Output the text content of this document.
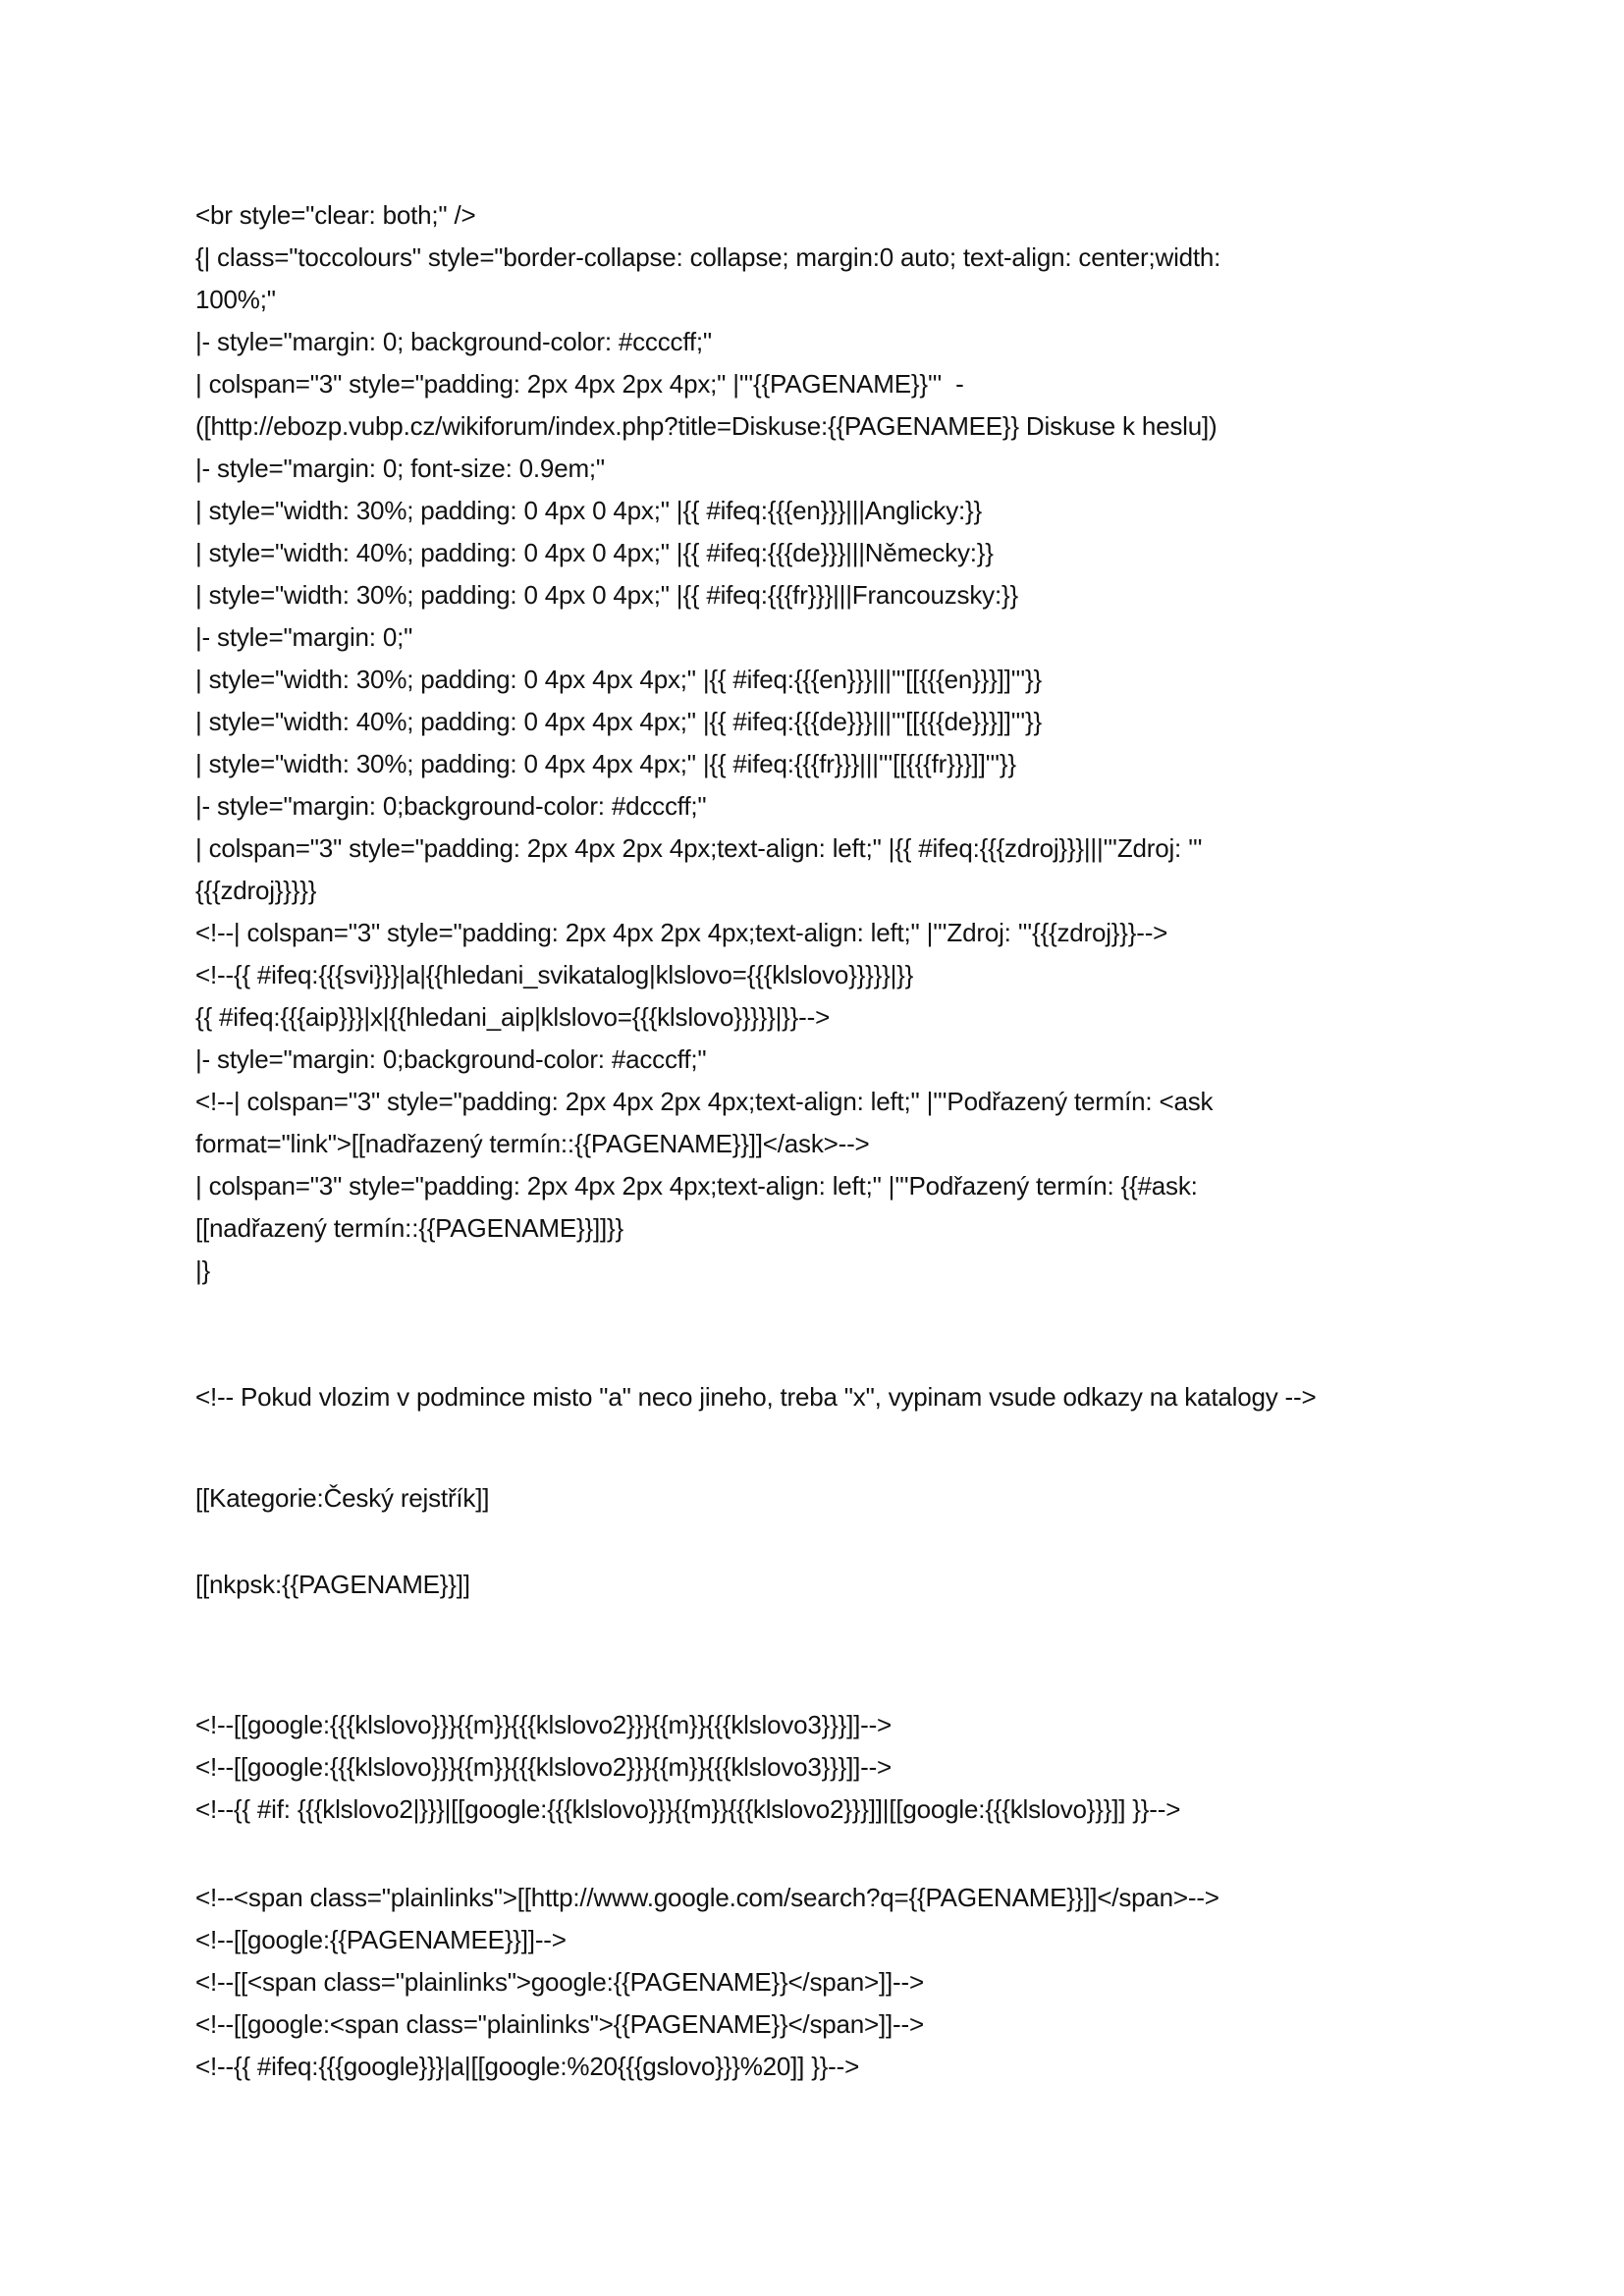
<br style="clear: both;" />
{| class="toccolours" style="border-collapse: collapse; margin:0 auto; text-align: center;width:
100%;"
|- style="margin: 0; background-color: #ccccff;"
| colspan="3" style="padding: 2px 4px 2px 4px;" |'''{{PAGENAME}}'''  -
([http://ebozp.vubp.cz/wikiforum/index.php?title=Diskuse:{{PAGENAMEE}} Diskuse k heslu])
|- style="margin: 0; font-size: 0.9em;"
| style="width: 30%; padding: 0 4px 0 4px;" |{{ #ifeq:{{{en}}}|||Anglicky:}}
| style="width: 40%; padding: 0 4px 0 4px;" |{{ #ifeq:{{{de}}}|||Německy:}}
| style="width: 30%; padding: 0 4px 0 4px;" |{{ #ifeq:{{{fr}}}|||Francouzsky:}}
|- style="margin: 0;"
| style="width: 30%; padding: 0 4px 4px 4px;" |{{ #ifeq:{{{en}}}|||'''[[{{{en}}}]]'''}}
| style="width: 40%; padding: 0 4px 4px 4px;" |{{ #ifeq:{{{de}}}|||'''[[{{{de}}}]]'''}}
| style="width: 30%; padding: 0 4px 4px 4px;" |{{ #ifeq:{{{fr}}}|||'''[[{{{fr}}}]]'''}}
|- style="margin: 0;background-color: #dcccff;"
| colspan="3" style="padding: 2px 4px 2px 4px;text-align: left;" |{{ #ifeq:{{{zdroj}}}|||'''Zdroj: '''
{{{zdroj}}}}}
<!--| colspan="3" style="padding: 2px 4px 2px 4px;text-align: left;" |'''Zdroj: '''{{{zdroj}}}-->
<!--{{ #ifeq:{{{svi}}}|a|{{hledani_svikatalog|klslovo={{{klslovo}}}}}|}}
{{ #ifeq:{{{aip}}}|x|{{hledani_aip|klslovo={{{klslovo}}}}}|}}-->
|- style="margin: 0;background-color: #acccff;"
<!--| colspan="3" style="padding: 2px 4px 2px 4px;text-align: left;" |'''Podřazený termín: <ask
format="link">[[nadřazený termín::{{PAGENAME}}]]</ask>-->
| colspan="3" style="padding: 2px 4px 2px 4px;text-align: left;" |'''Podřazený termín: {{#ask:
[[nadřazený termín::{{PAGENAME}}]]}}
|}
<!-- Pokud vlozim v podmince misto "a" neco jineho, treba "x", vypinam vsude odkazy na katalogy -->
[[Kategorie:Český rejstřík]]
[[nkpsk:{{PAGENAME}}]]
<!--[[google:{{{klslovo}}}{{m}}{{{klslovo2}}}{{m}}{{{klslovo3}}}]]-->
<!--[[google:{{{klslovo}}}{{m}}{{{klslovo2}}}{{m}}{{{klslovo3}}}]]-->
<!--{{ #if: {{{klslovo2|}}}|[[google:{{{klslovo}}}{{m}}{{{klslovo2}}}]]|[[google:{{{klslovo}}}]] }}-->
<!--<span class="plainlinks">[[http://www.google.com/search?q={{PAGENAME}}]]</span>-->
<!--[[google:{{PAGENAMEE}}]]-->
<!--[[<span class="plainlinks">google:{{PAGENAME}}</span>]]-->
<!--[[google:<span class="plainlinks">{{PAGENAME}}</span>]]-->
<!--{{ #ifeq:{{{google}}}|a|[[google:%20{{{gslovo}}}%20]] }}-->
